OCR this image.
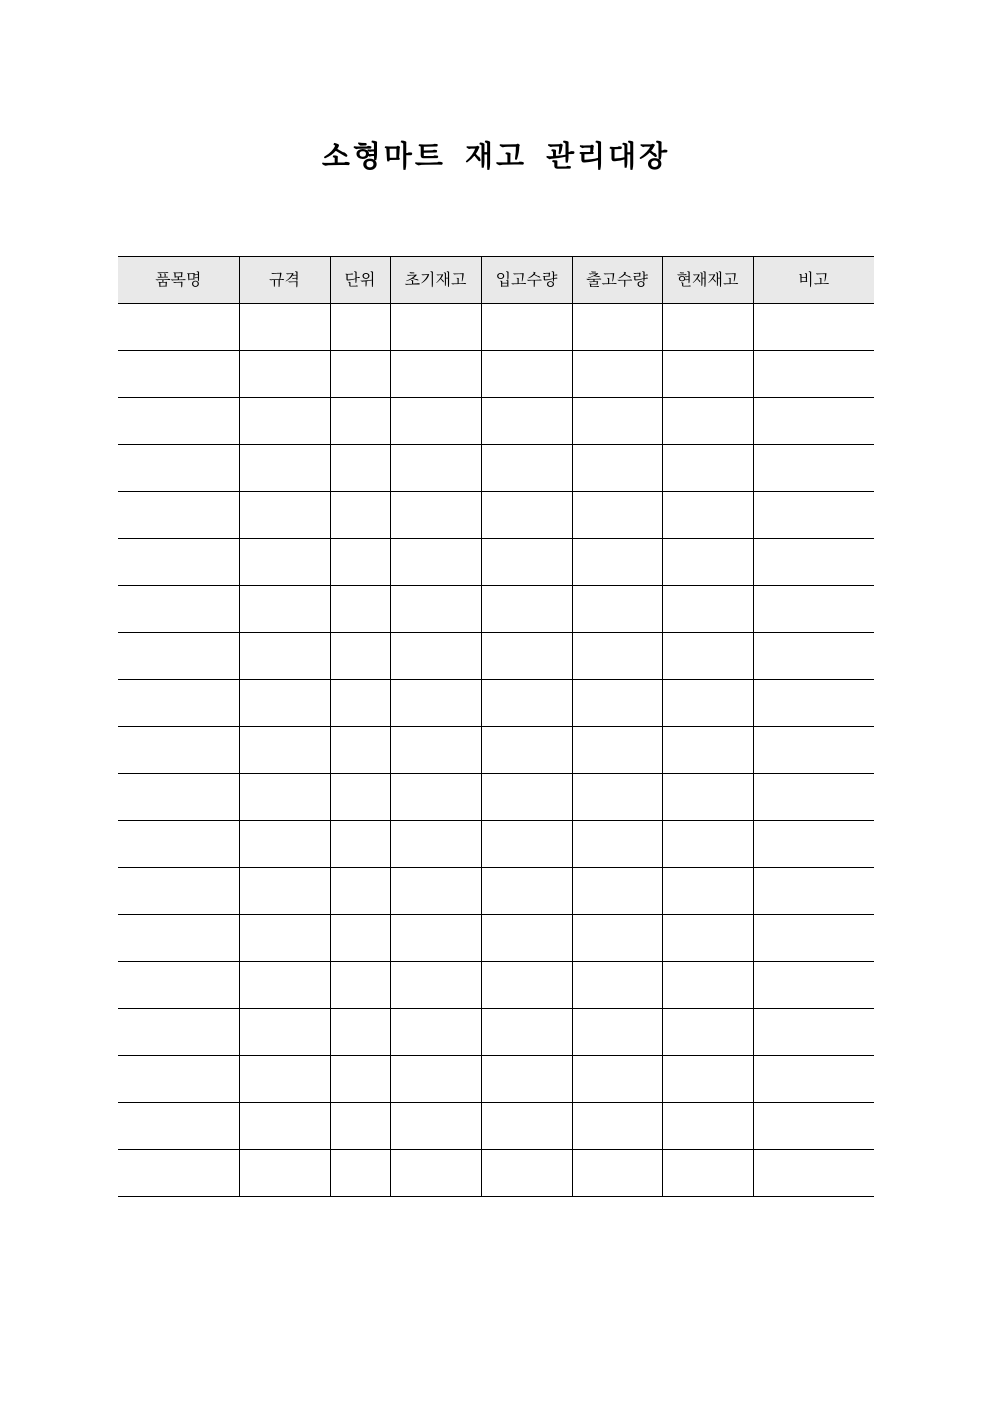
소형마트 재고 관리대장
품목명	규격	단위	초기재고	입고수량	출고수량	현재재고	비고
